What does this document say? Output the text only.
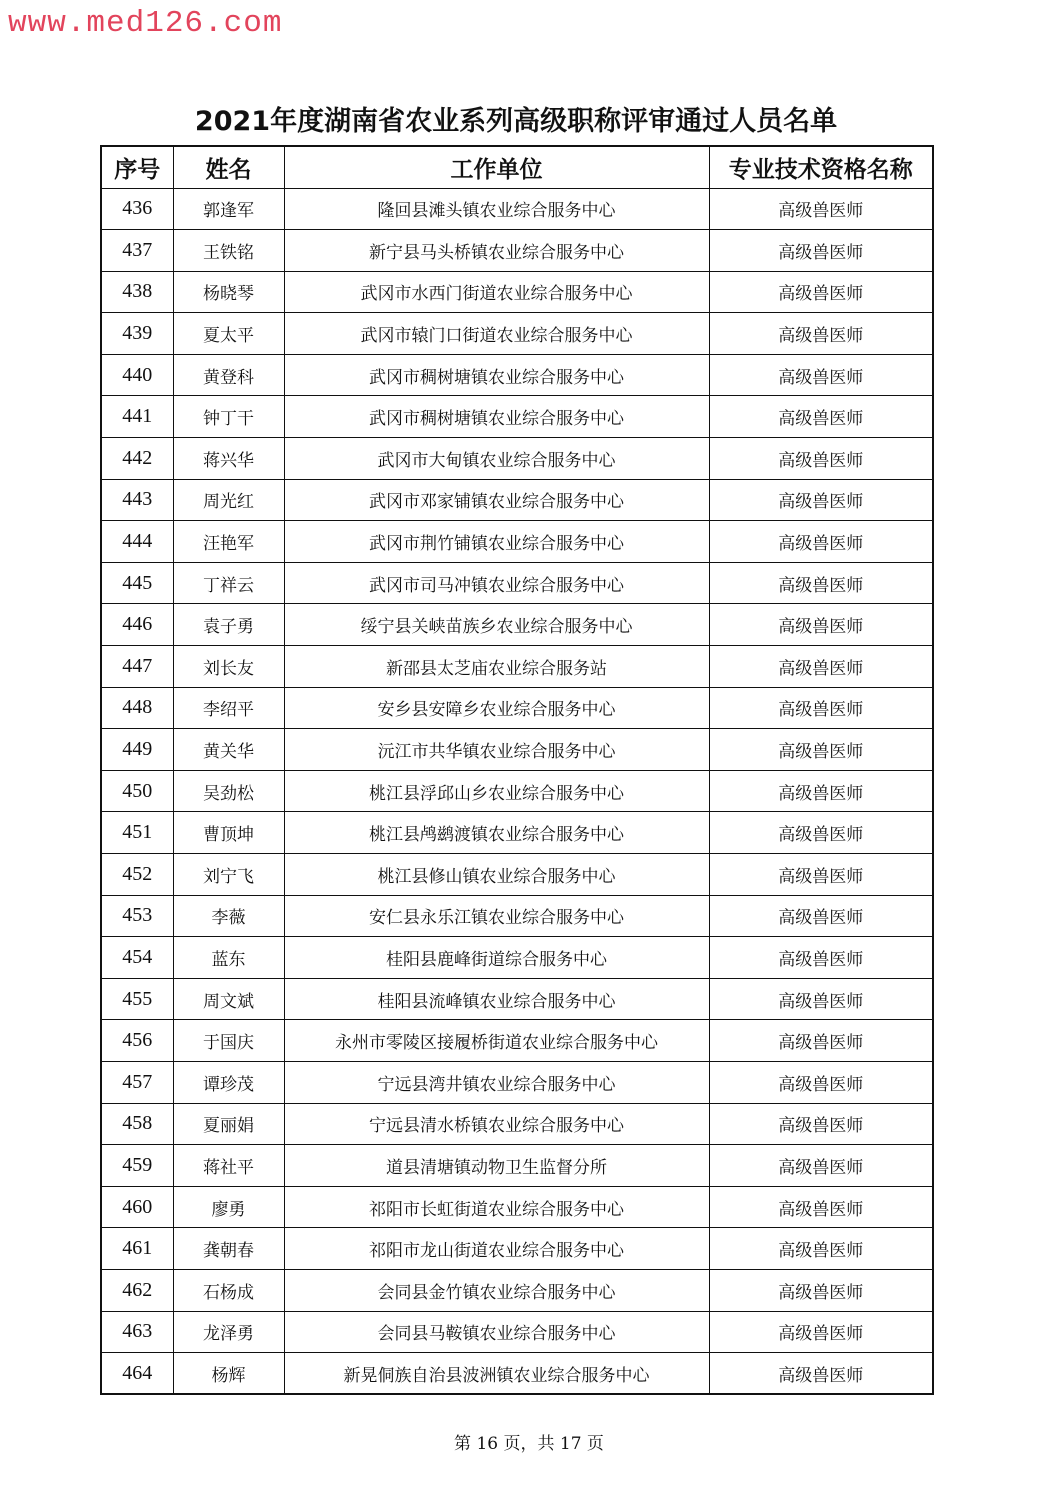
www.med126.com
2021年度湖南省农业系列高级职称评审通过人员名单
序号	姓名	工作单位	专业技术资格名称
436	郭逢军	隆回县滩头镇农业综合服务中心	高级兽医师
437	王铁铭	新宁县马头桥镇农业综合服务中心	高级兽医师
438	杨晓琴	武冈市水西门街道农业综合服务中心	高级兽医师
439	夏太平	武冈市辕门口街道农业综合服务中心	高级兽医师
440	黄登科	武冈市稠树塘镇农业综合服务中心	高级兽医师
441	钟丁干	武冈市稠树塘镇农业综合服务中心	高级兽医师
442	蒋兴华	武冈市大甸镇农业综合服务中心	高级兽医师
443	周光红	武冈市邓家铺镇农业综合服务中心	高级兽医师
444	汪艳军	武冈市荆竹铺镇农业综合服务中心	高级兽医师
445	丁祥云	武冈市司马冲镇农业综合服务中心	高级兽医师
446	袁子勇	绥宁县关峡苗族乡农业综合服务中心	高级兽医师
447	刘长友	新邵县太芝庙农业综合服务站	高级兽医师
448	李绍平	安乡县安障乡农业综合服务中心	高级兽医师
449	黄关华	沅江市共华镇农业综合服务中心	高级兽医师
450	吴劲松	桃江县浮邱山乡农业综合服务中心	高级兽医师
451	曹顶坤	桃江县鸬鹚渡镇农业综合服务中心	高级兽医师
452	刘宁飞	桃江县修山镇农业综合服务中心	高级兽医师
453	李薇	安仁县永乐江镇农业综合服务中心	高级兽医师
454	蓝东	桂阳县鹿峰街道综合服务中心	高级兽医师
455	周文斌	桂阳县流峰镇农业综合服务中心	高级兽医师
456	于国庆	永州市零陵区接履桥街道农业综合服务中心	高级兽医师
457	谭珍茂	宁远县湾井镇农业综合服务中心	高级兽医师
458	夏丽娟	宁远县清水桥镇农业综合服务中心	高级兽医师
459	蒋社平	道县清塘镇动物卫生监督分所	高级兽医师
460	廖勇	祁阳市长虹街道农业综合服务中心	高级兽医师
461	龚朝春	祁阳市龙山街道农业综合服务中心	高级兽医师
462	石杨成	会同县金竹镇农业综合服务中心	高级兽医师
463	龙泽勇	会同县马鞍镇农业综合服务中心	高级兽医师
464	杨辉	新晃侗族自治县波洲镇农业综合服务中心	高级兽医师
第 16 页，共 17 页
